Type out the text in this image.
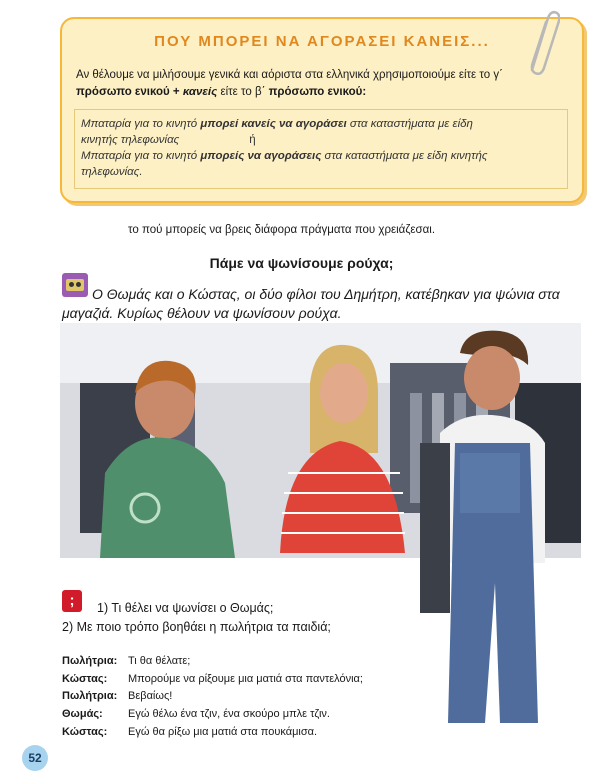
ΠΟΥ ΜΠΟΡΕΙ ΝΑ ΑΓΟΡΑΣΕΙ ΚΑΝΕΙΣ...
Αν θέλουμε να μιλήσουμε γενικά και αόριστα στα ελληνικά χρησιμοποιούμε είτε το γ΄
πρόσωπο ενικού + κανείς είτε το β΄ πρόσωπο ενικού:
Μπαταρία για το κινητό μπορεί κανείς να αγοράσει στα καταστήματα με είδη
κινητής τηλεφωνίας	ή
Μπαταρία για το κινητό μπορείς να αγοράσεις στα καταστήματα με είδη κινητής
τηλεφωνίας.
το πού μπορείς να βρεις διάφορα πράγματα που χρειάζεσαι.
Πάμε να ψωνίσουμε ρούχα;
Ο Θωμάς και ο Κώστας, οι δύο φίλοι του Δημήτρη, κατέβηκαν για ψώνια στα μαγαζιά. Κυρίως θέλουν να ψωνίσουν ρούχα.
;	1) Τι θέλει να ψωνίσει ο Θωμάς;
2) Με ποιο τρόπο βοηθάει η πωλήτρια τα παιδιά;
Πωλήτρια: Τι θα θέλατε;
Κώστας: Μπορούμε να ρίξουμε μια ματιά στα παντελόνια;
Πωλήτρια: Βεβαίως!
Θωμάς: Εγώ θέλω ένα τζιν, ένα σκούρο μπλε τζιν.
Κώστας: Εγώ θα ρίξω μια ματιά στα πουκάμισα.
52
